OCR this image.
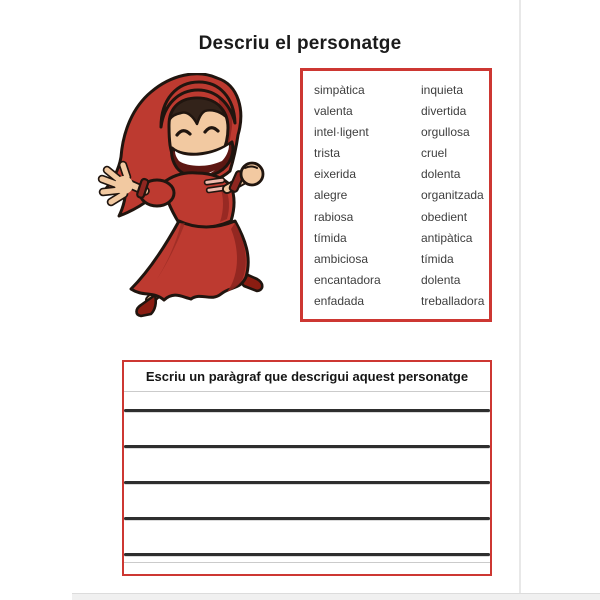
Descriu el personatge
simpàtica
valenta
intel·ligent
trista
eixerida
alegre
rabiosa
tímida
ambiciosa
encantadora
enfadada
inquieta
divertida
orgullosa
cruel
dolenta
organitzada
obedient
antipàtica
tímida
dolenta
treballadora
Escriu un paràgraf que descrigui aquest personatge
